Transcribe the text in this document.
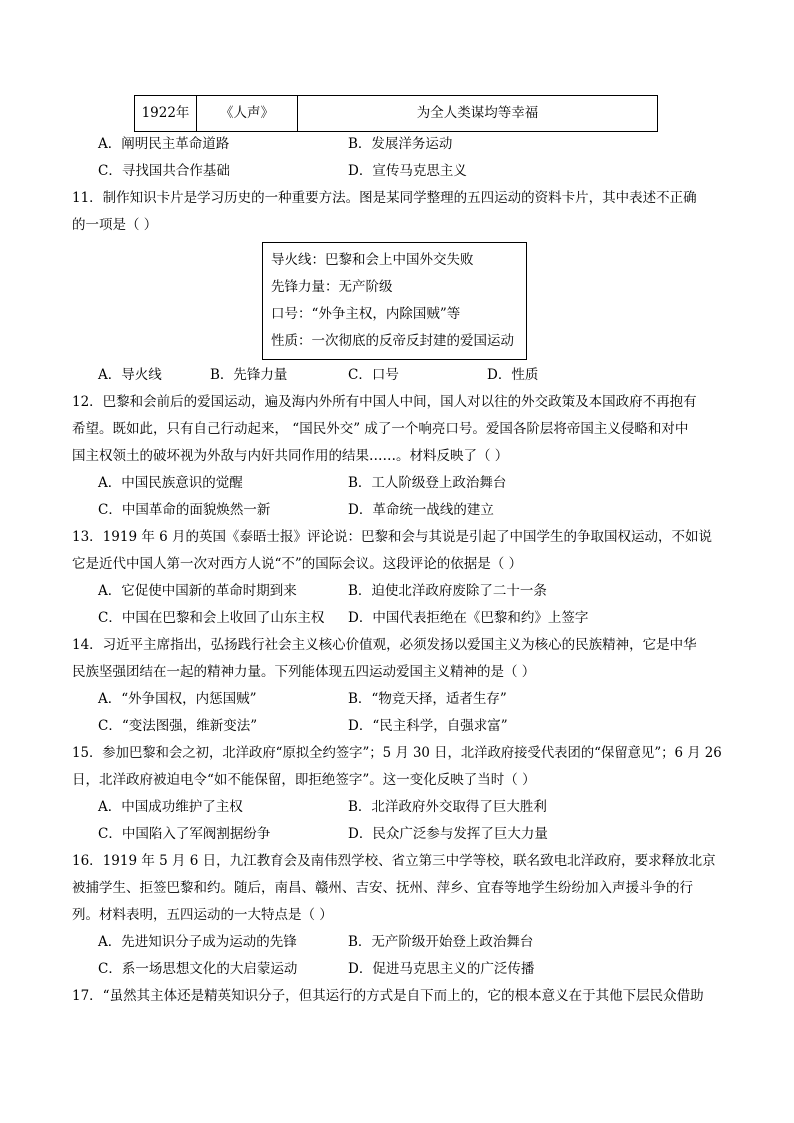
1922年	《人声》	为全人类谋均等幸福
A．阐明民主革命道路	B．发展洋务运动
C．寻找国共合作基础	D．宣传马克思主义
11．制作知识卡片是学习历史的一种重要方法。图是某同学整理的五四运动的资料卡片，其中表述不正确
的一项是（ ）
导火线：巴黎和会上中国外交失败
先锋力量：无产阶级
口号：“外争主权，内除国贼”等
性质：一次彻底的反帝反封建的爱国运动
A．导火线	B．先锋力量	C．口号	D．性质
12．巴黎和会前后的爱国运动，遍及海内外所有中国人中间，国人对以往的外交政策及本国政府不再抱有
希望。既如此，只有自己行动起来， “国民外交” 成了一个响亮口号。爱国各阶层将帝国主义侵略和对中
国主权领土的破坏视为外敌与内奸共同作用的结果……。材料反映了（ ）
A．中国民族意识的觉醒	B．工人阶级登上政治舞台
C．中国革命的面貌焕然一新	D．革命统一战线的建立
13．1919 年 6 月的英国《泰晤士报》评论说：巴黎和会与其说是引起了中国学生的争取国权运动，不如说
它是近代中国人第一次对西方人说“不”的国际会议。这段评论的依据是（ ）
A．它促使中国新的革命时期到来	B．迫使北洋政府废除了二十一条
C．中国在巴黎和会上收回了山东主权 D．中国代表拒绝在《巴黎和约》上签字
14．习近平主席指出，弘扬践行社会主义核心价值观，必须发扬以爱国主义为核心的民族精神，它是中华
民族坚强团结在一起的精神力量。下列能体现五四运动爱国主义精神的是（ ）
A．“外争国权，内惩国贼”	B．“物竞天择，适者生存”
C．“变法图强，维新变法”	D．“民主科学，自强求富”
15．参加巴黎和会之初，北洋政府“原拟全约签字”；5 月 30 日，北洋政府接受代表团的“保留意见”；6 月 26
日，北洋政府被迫电令“如不能保留，即拒绝签字”。这一变化反映了当时（ ）
A．中国成功维护了主权	B．北洋政府外交取得了巨大胜利
C．中国陷入了军阀割据纷争	D．民众广泛参与发挥了巨大力量
16．1919 年 5 月 6 日，九江教育会及南伟烈学校、省立第三中学等校，联名致电北洋政府，要求释放北京
被捕学生、拒签巴黎和约。随后，南昌、赣州、吉安、抚州、萍乡、宜春等地学生纷纷加入声援斗争的行
列。材料表明，五四运动的一大特点是（ ）
A．先进知识分子成为运动的先锋	B．无产阶级开始登上政治舞台
C．系一场思想文化的大启蒙运动	D．促进马克思主义的广泛传播
17．“虽然其主体还是精英知识分子，但其运行的方式是自下而上的，它的根本意义在于其他下层民众借助
